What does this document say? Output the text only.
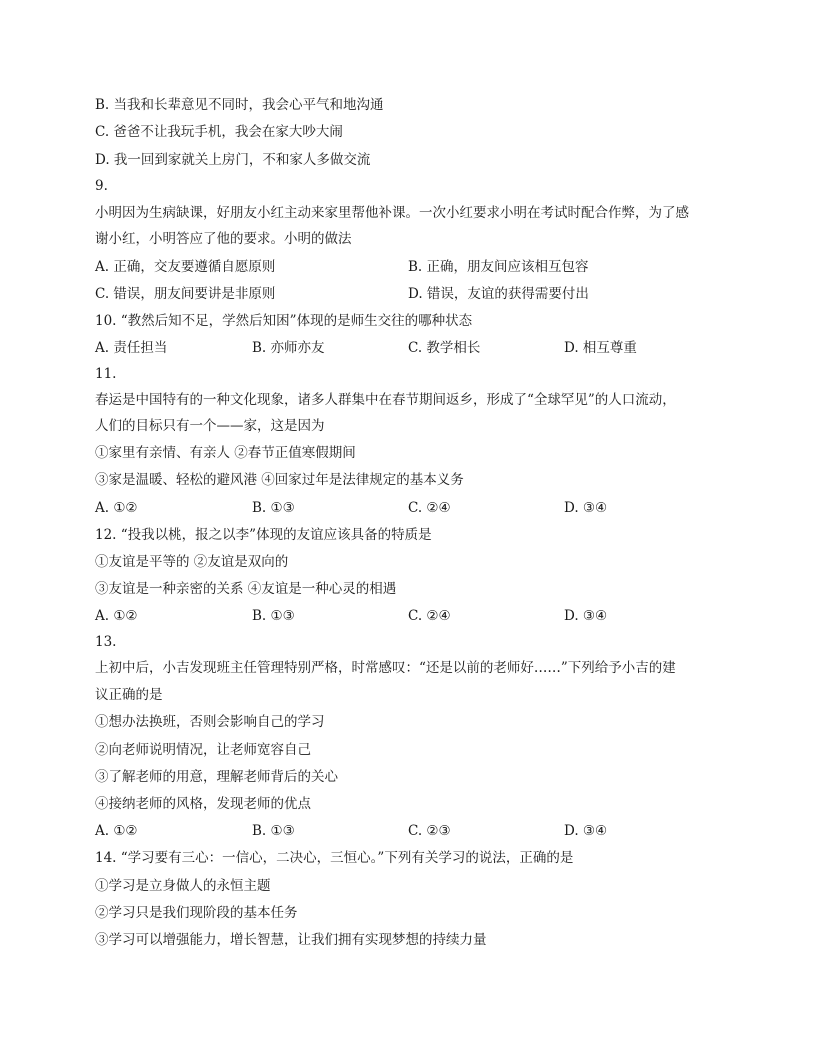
B. 当我和长辈意见不同时，我会心平气和地沟通
C. 爸爸不让我玩手机，我会在家大吵大闹
D. 我一回到家就关上房门，不和家人多做交流
9.
小明因为生病缺课，好朋友小红主动来家里帮他补课。一次小红要求小明在考试时配合作弊，为了感
谢小红，小明答应了他的要求。小明的做法
A. 正确，交友要遵循自愿原则	B. 正确，朋友间应该相互包容
C. 错误，朋友间要讲是非原则	D. 错误，友谊的获得需要付出
10. “教然后知不足，学然后知困”体现的是师生交往的哪种状态
A. 责任担当	B. 亦师亦友	C. 教学相长	D. 相互尊重
11.
春运是中国特有的一种文化现象，诸多人群集中在春节期间返乡，形成了“全球罕见”的人口流动，
人们的目标只有一个——家，这是因为
①家里有亲情、有亲人 ②春节正值寒假期间
③家是温暖、轻松的避风港 ④回家过年是法律规定的基本义务
A. ①②	B. ①③	C. ②④	D. ③④
12. “投我以桃，报之以李”体现的友谊应该具备的特质是
①友谊是平等的 ②友谊是双向的
③友谊是一种亲密的关系 ④友谊是一种心灵的相遇
A. ①②	B. ①③	C. ②④	D. ③④
13.
上初中后，小吉发现班主任管理特别严格，时常感叹：“还是以前的老师好……”下列给予小吉的建
议正确的是
①想办法换班，否则会影响自己的学习
②向老师说明情况，让老师宽容自己
③了解老师的用意，理解老师背后的关心
④接纳老师的风格，发现老师的优点
A. ①②	B. ①③	C. ②③	D. ③④
14. “学习要有三心：一信心，二决心，三恒心。”下列有关学习的说法，正确的是
①学习是立身做人的永恒主题
②学习只是我们现阶段的基本任务
③学习可以增强能力，增长智慧，让我们拥有实现梦想的持续力量
